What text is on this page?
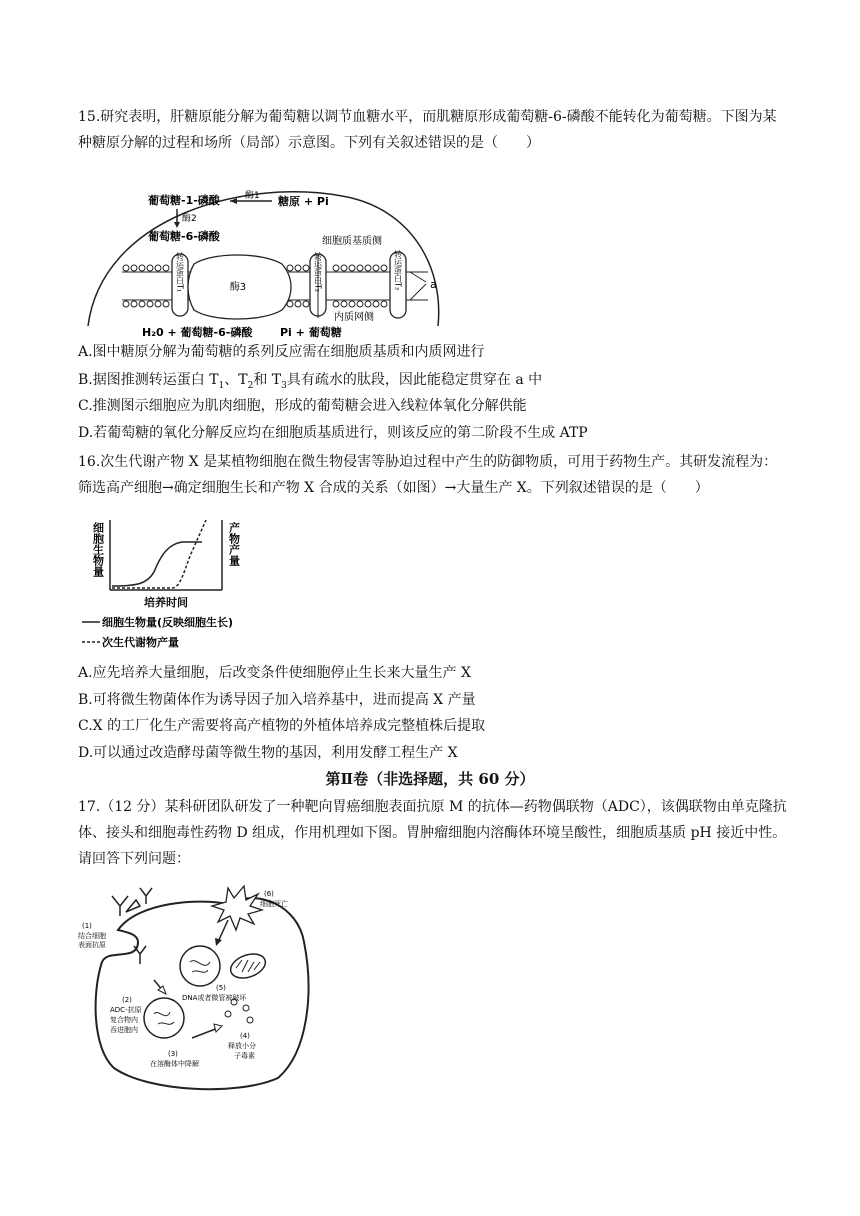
15.研究表明，肝糖原能分解为葡萄糖以调节血糖水平，而肌糖原形成葡萄糖-6-磷酸不能转化为葡萄糖。下图为某种糖原分解的过程和场所（局部）示意图。下列有关叙述错误的是（　　）

葡萄糖-1-磷酸	酶1 糖原 + Pi
酶2
葡萄糖-6-磷酸
转运蛋白T₁	酶3	转运蛋白T₂	转运蛋白T₃
细胞质基质侧
内质网侧
a
H₂0 + 葡萄糖-6-磷酸	Pi + 葡萄糖

A.图中糖原分解为葡萄糖的系列反应需在细胞质基质和内质网进行

B.据图推测转运蛋白 $T_1$、$T_2$和 $T_3$具有疏水的肽段，因此能稳定贯穿在 a 中

C.推测图示细胞应为肌肉细胞，形成的葡萄糖会进入线粒体氧化分解供能

D.若葡萄糖的氧化分解反应均在细胞质基质进行，则该反应的第二阶段不生成 ATP

16.次生代谢产物 X 是某植物细胞在微生物侵害等胁迫过程中产生的防御物质，可用于药物生产。其研发流程为：筛选高产细胞→确定细胞生长和产物 X 合成的关系（如图）→大量生产 X。下列叙述错误的是（　　）

细胞生物量	产物产量
培养时间
细胞生物量(反映细胞生长)
次生代谢物产量

A.应先培养大量细胞，后改变条件使细胞停止生长来大量生产 X

B.可将微生物菌体作为诱导因子加入培养基中，进而提高 X 产量

C.X 的工厂化生产需要将高产植物的外植体培养成完整植株后提取

D.可以通过改造酵母菌等微生物的基因，利用发酵工程生产 X

第Ⅱ卷（非选择题，共 60 分）

17.（12 分）某科研团队研发了一种靶向胃癌细胞表面抗原 M 的抗体—药物偶联物（ADC），该偶联物由单克隆抗体、接头和细胞毒性药物 D 组成，作用机理如下图。胃肿瘤细胞内溶酶体环境呈酸性，细胞质基质 pH 接近中性。请回答下列问题：

(1)
结合细胞
表面抗原
(2)
ADC-抗原
复合物内
吞进胞内
(3)
在溶酶体中降解
(4)
释放小分
子毒素
(5)
DNA或者微管被破坏
(6)
细胞死亡
